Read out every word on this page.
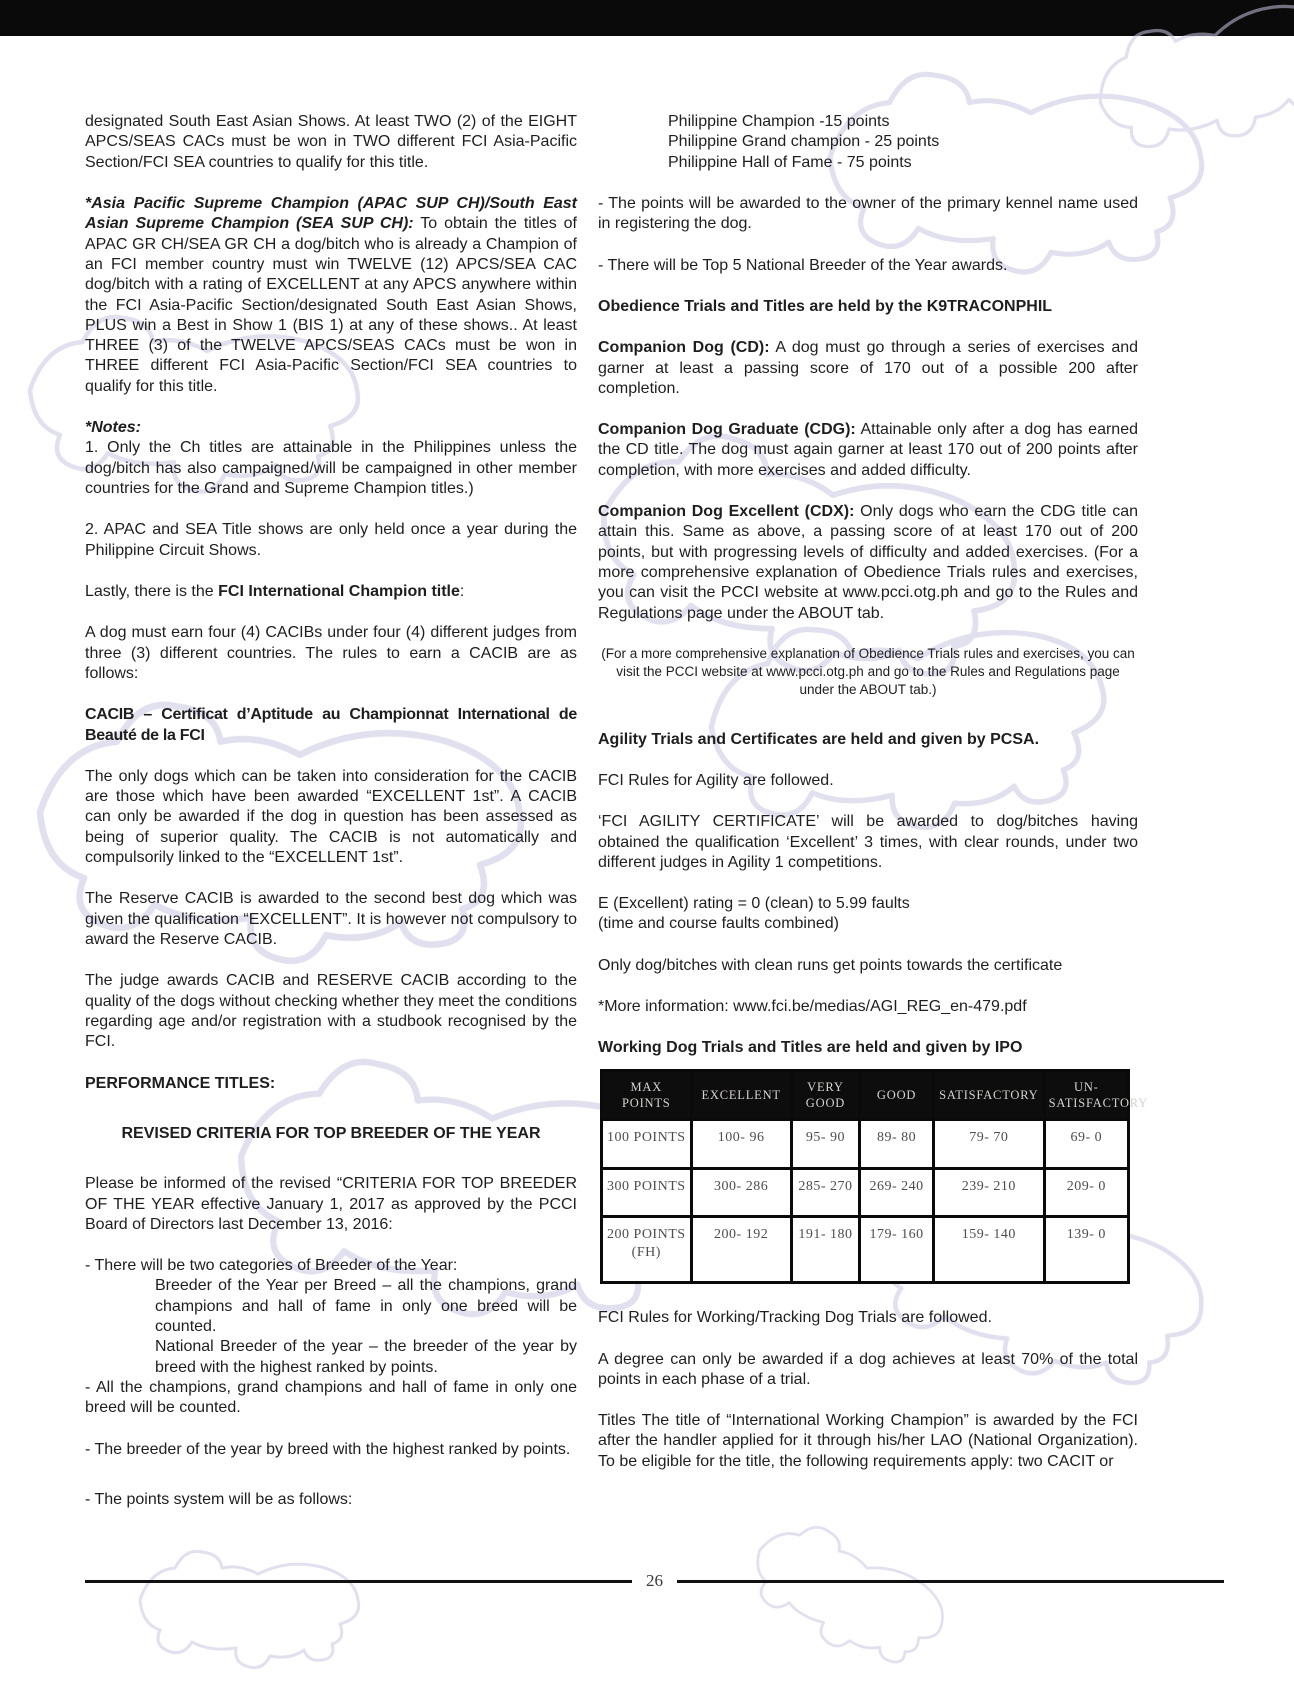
designated South East Asian Shows. At least TWO (2) of the EIGHT APCS/SEAS CACs must be won in TWO different FCI Asia-Pacific Section/FCI SEA countries to qualify for this title.

*Asia Pacific Supreme Champion (APAC SUP CH)/South East Asian Supreme Champion (SEA SUP CH): To obtain the titles of APAC GR CH/SEA GR CH a dog/bitch who is already a Champion of an FCI member country must win TWELVE (12) APCS/SEA CAC dog/bitch with a rating of EXCELLENT at any APCS anywhere within the FCI Asia-Pacific Section/designated South East Asian Shows, PLUS win a Best in Show 1 (BIS 1) at any of these shows.. At least THREE (3) of the TWELVE APCS/SEAS CACs must be won in THREE different FCI Asia-Pacific Section/FCI SEA countries to qualify for this title.

*Notes:

1. Only the Ch titles are attainable in the Philippines unless the dog/bitch has also campaigned/will be campaigned in other member countries for the Grand and Supreme Champion titles.)

2. APAC and SEA Title shows are only held once a year during the Philippine Circuit Shows.

Lastly, there is the FCI International Champion title:

A dog must earn four (4) CACIBs under four (4) different judges from three (3) different countries. The rules to earn a CACIB are as follows:

CACIB – Certificat d’Aptitude au Championnat International de Beauté de la FCI

The only dogs which can be taken into consideration for the CACIB are those which have been awarded “EXCELLENT 1st”. A CACIB can only be awarded if the dog in question has been assessed as being of superior quality. The CACIB is not automatically and compulsorily linked to the “EXCELLENT 1st”.

The Reserve CACIB is awarded to the second best dog which was given the qualification “EXCELLENT”. It is however not compulsory to award the Reserve CACIB.

The judge awards CACIB and RESERVE CACIB according to the quality of the dogs without checking whether they meet the conditions regarding age and/or registration with a studbook recognised by the FCI.

PERFORMANCE TITLES:

REVISED CRITERIA FOR TOP BREEDER OF THE YEAR

Please be informed of the revised “CRITERIA FOR TOP BREEDER OF THE YEAR effective January 1, 2017 as approved by the PCCI Board of Directors last December 13, 2016:

- There will be two categories of Breeder of the Year:

Breeder of the Year per Breed – all the champions, grand champions and hall of fame in only one breed will be counted.

National Breeder of the year – the breeder of the year by breed with the highest ranked by points.

- All the champions, grand champions and hall of fame in only one breed will be counted.

- The breeder of the year by breed with the highest ranked by points.

- The points system will be as follows:

Philippine Champion -15 points

Philippine Grand champion - 25 points

Philippine Hall of Fame - 75 points

- The points will be awarded to the owner of the primary kennel name used in registering the dog.

- There will be Top 5 National Breeder of the Year awards.

Obedience Trials and Titles are held by the K9TRACONPHIL

Companion Dog (CD): A dog must go through a series of exercises and garner at least a passing score of 170 out of a possible 200 after completion.

Companion Dog Graduate (CDG): Attainable only after a dog has earned the CD title. The dog must again garner at least 170 out of 200 points after completion, with more exercises and added difficulty.

Companion Dog Excellent (CDX): Only dogs who earn the CDG title can attain this. Same as above, a passing score of at least 170 out of 200 points, but with progressing levels of difficulty and added exercises. (For a more comprehensive explanation of Obedience Trials rules and exercises, you can visit the PCCI website at www.pcci.otg.ph and go to the Rules and Regulations page under the ABOUT tab.

(For a more comprehensive explanation of Obedience Trials rules and exercises, you can visit the PCCI website at www.pcci.otg.ph and go to the Rules and Regulations page under the ABOUT tab.)

Agility Trials and Certificates are held and given by PCSA.

FCI Rules for Agility are followed.

‘FCI AGILITY CERTIFICATE’ will be awarded to dog/bitches having obtained the qualification ‘Excellent’ 3 times, with clear rounds, under two different judges in Agility 1 competitions.

E (Excellent) rating = 0 (clean) to 5.99 faults

(time and course faults combined)

Only dog/bitches with clean runs get points towards the certificate

*More information: www.fci.be/medias/AGI_REG_en-479.pdf

Working Dog Trials and Titles are held and given by IPO

MAX POINTS	EXCELLENT	VERY GOOD	GOOD	SATISFACTORY	UN- SATISFACTORY
100 POINTS	100- 96	95- 90	89- 80	79- 70	69- 0
300 POINTS	300- 286	285- 270	269- 240	239- 210	209- 0
200 POINTS (FH)	200- 192	191- 180	179- 160	159- 140	139- 0

FCI Rules for Working/Tracking Dog Trials are followed.

A degree can only be awarded if a dog achieves at least 70% of the total points in each phase of a trial.

Titles The title of “International Working Champion” is awarded by the FCI after the handler applied for it through his/her LAO (National Organization). To be eligible for the title, the following requirements apply: two CACIT or

26
